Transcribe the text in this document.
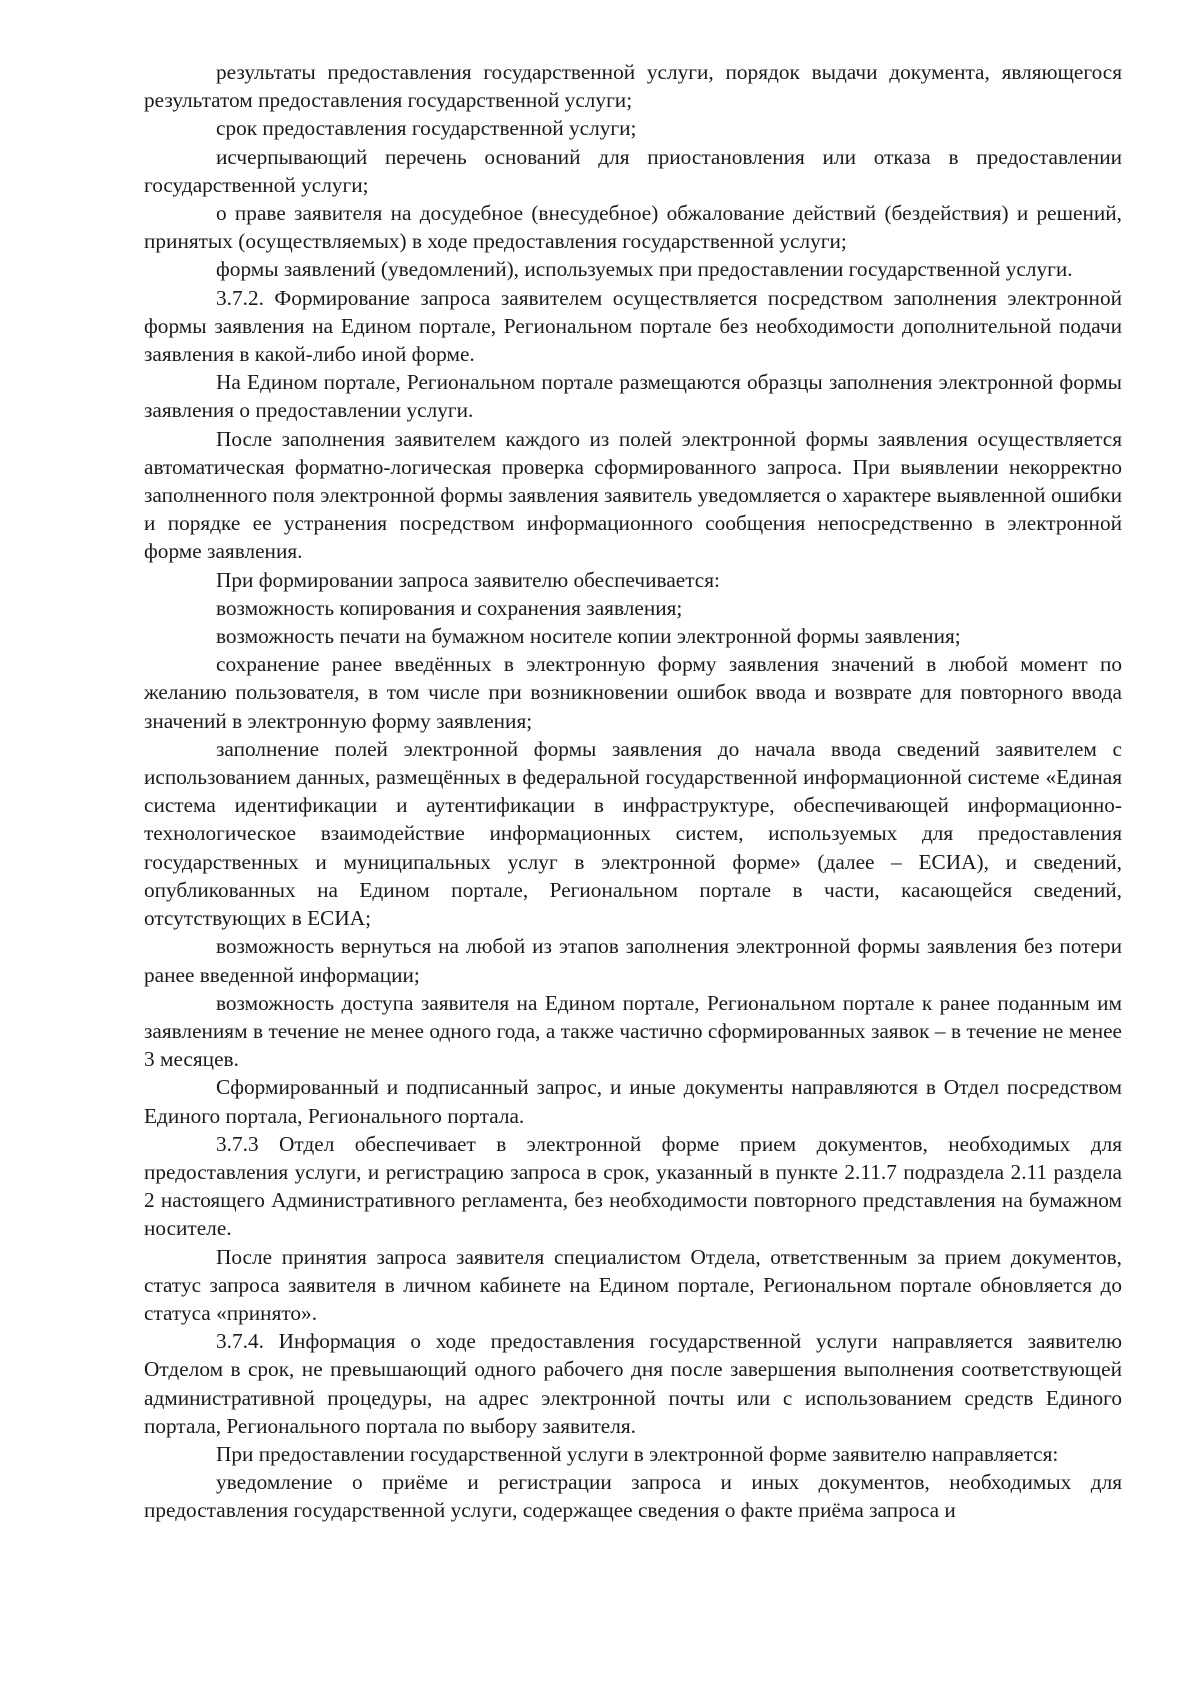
результаты предоставления государственной услуги, порядок выдачи документа, являющегося результатом предоставления государственной услуги;

срок предоставления государственной услуги;

исчерпывающий перечень оснований для приостановления или отказа в предоставлении государственной услуги;

о праве заявителя на досудебное (внесудебное) обжалование действий (бездействия) и решений, принятых (осуществляемых) в ходе предоставления государственной услуги;

формы заявлений (уведомлений), используемых при предоставлении государственной услуги.

3.7.2. Формирование запроса заявителем осуществляется посредством заполнения электронной формы заявления на Едином портале, Региональном портале без необходимости дополнительной подачи заявления в какой-либо иной форме.

На Едином портале, Региональном портале размещаются образцы заполнения электронной формы заявления о предоставлении услуги.

После заполнения заявителем каждого из полей электронной формы заявления осуществляется автоматическая форматно-логическая проверка сформированного запроса. При выявлении некорректно заполненного поля электронной формы заявления заявитель уведомляется о характере выявленной ошибки и порядке ее устранения посредством информационного сообщения непосредственно в электронной форме заявления.

При формировании запроса заявителю обеспечивается:

возможность копирования и сохранения заявления;

возможность печати на бумажном носителе копии электронной формы заявления;

сохранение ранее введённых в электронную форму заявления значений в любой момент по желанию пользователя, в том числе при возникновении ошибок ввода и возврате для повторного ввода значений в электронную форму заявления;

заполнение полей электронной формы заявления до начала ввода сведений заявителем с использованием данных, размещённых в федеральной государственной информационной системе «Единая система идентификации и аутентификации в инфраструктуре, обеспечивающей информационно-технологическое взаимодействие информационных систем, используемых для предоставления государственных и муниципальных услуг в электронной форме» (далее – ЕСИА), и сведений, опубликованных на Едином портале, Региональном портале в части, касающейся сведений, отсутствующих в ЕСИА;

возможность вернуться на любой из этапов заполнения электронной формы заявления без потери ранее введенной информации;

возможность доступа заявителя на Едином портале, Региональном портале к ранее поданным им заявлениям в течение не менее одного года, а также частично сформированных заявок – в течение не менее 3 месяцев.

Сформированный и подписанный запрос, и иные документы направляются в Отдел посредством Единого портала, Регионального портала.

3.7.3 Отдел обеспечивает в электронной форме прием документов, необходимых для предоставления услуги, и регистрацию запроса в срок, указанный в пункте 2.11.7 подраздела 2.11 раздела 2 настоящего Административного регламента, без необходимости повторного представления на бумажном носителе.

После принятия запроса заявителя специалистом Отдела, ответственным за прием документов, статус запроса заявителя в личном кабинете на Едином портале, Региональном портале обновляется до статуса «принято».

3.7.4. Информация о ходе предоставления государственной услуги направляется заявителю Отделом в срок, не превышающий одного рабочего дня после завершения выполнения соответствующей административной процедуры, на адрес электронной почты или с использованием средств Единого портала, Регионального портала по выбору заявителя.

При предоставлении государственной услуги в электронной форме заявителю направляется:

уведомление о приёме и регистрации запроса и иных документов, необходимых для предоставления государственной услуги, содержащее сведения о факте приёма запроса и
